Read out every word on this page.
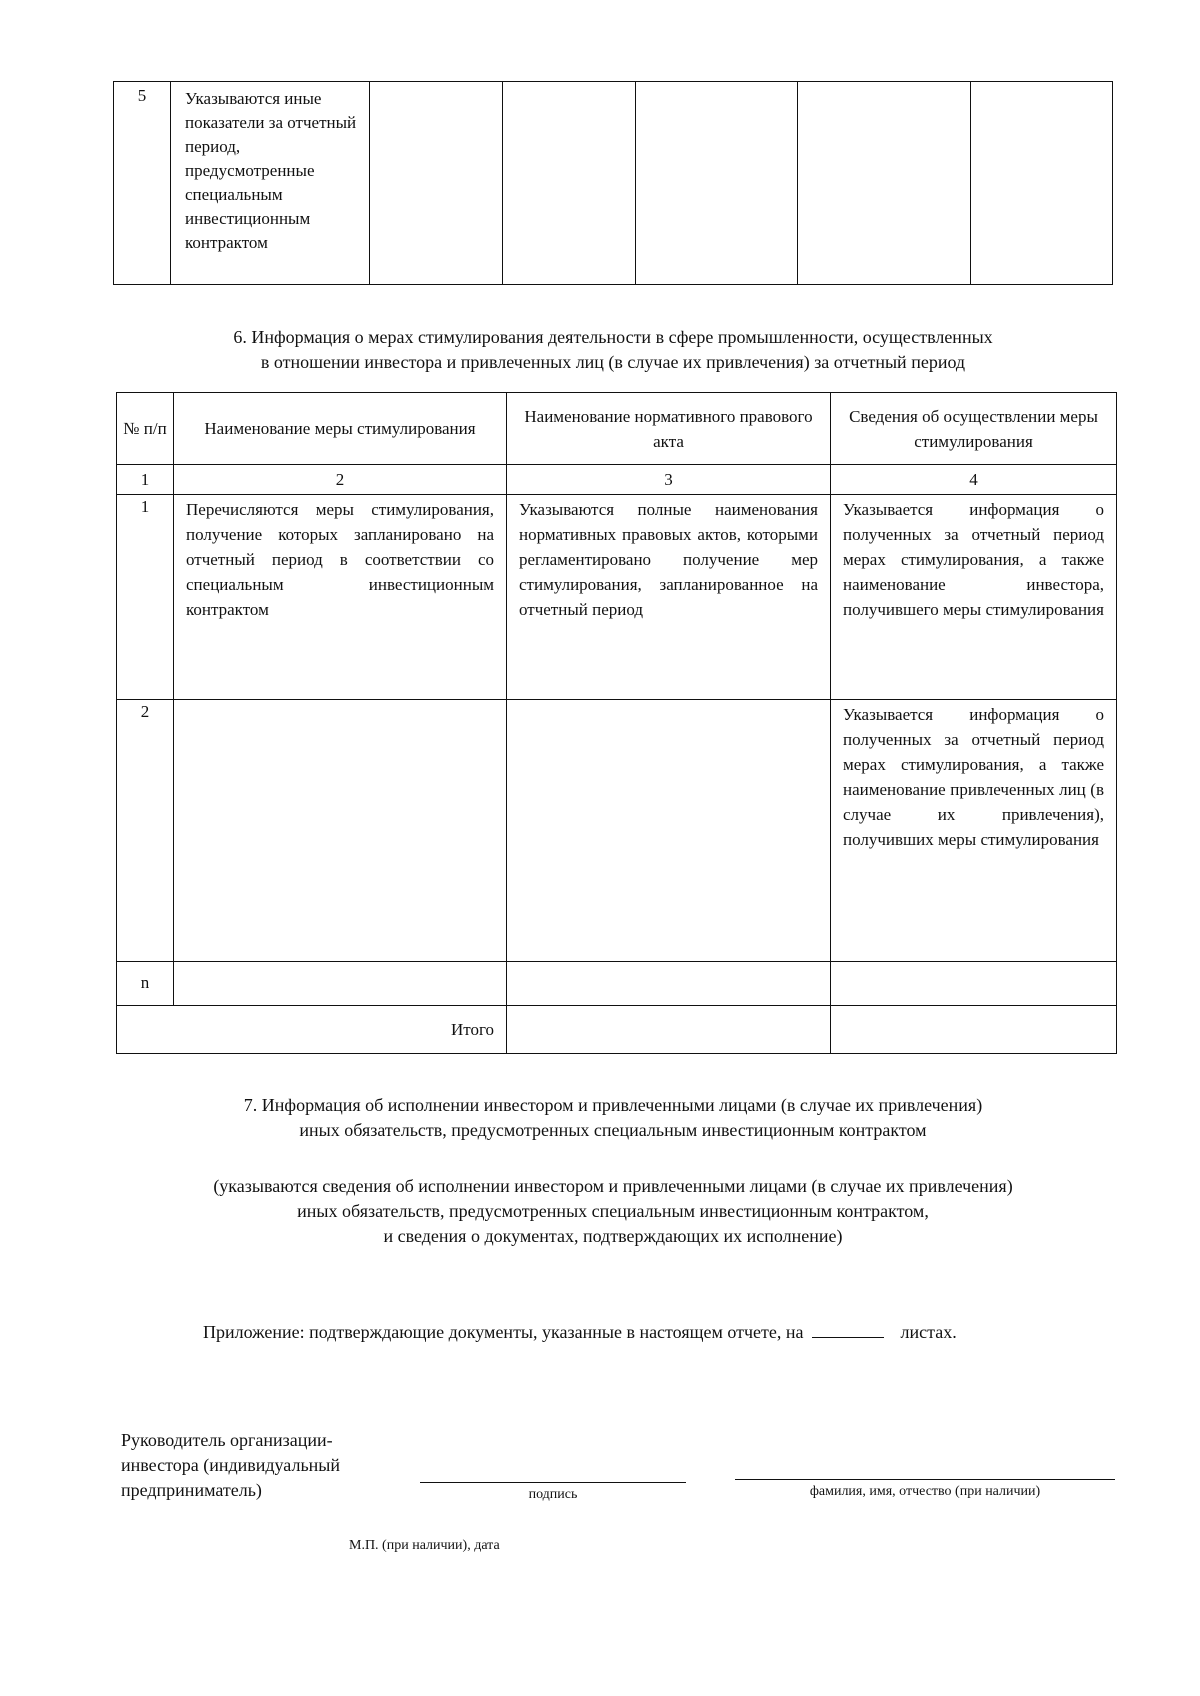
5	Указываются иные показатели за отчетный период, предусмотренные специальным инвестиционным контрактом
6. Информация о мерах стимулирования деятельности в сфере промышленности, осуществленных
в отношении инвестора и привлеченных лиц (в случае их привлечения) за отчетный период
№ п/п	Наименование меры стимулирования	Наименование нормативного правового акта	Сведения об осуществлении меры стимулирования
1	2	3	4
1	Перечисляются меры стимулирования, получение которых запланировано на отчетный период в соответствии со специальным инвестиционным контрактом	Указываются полные наименования нормативных правовых актов, которыми регламентировано получение мер стимулирования, запланированное на отчетный период	Указывается информация о полученных за отчетный период мерах стимулирования, а также наименование инвестора, получившего меры стимулирования
2			Указывается информация о полученных за отчетный период мерах стимулирования, а также наименование привлеченных лиц (в случае их привлечения), получивших меры стимулирования
n			
Итого			
7. Информация об исполнении инвестором и привлеченными лицами (в случае их привлечения)
иных обязательств, предусмотренных специальным инвестиционным контрактом
(указываются сведения об исполнении инвестором и привлеченными лицами (в случае их привлечения)
иных обязательств, предусмотренных специальным инвестиционным контрактом,
и сведения о документах, подтверждающих их исполнение)
Приложение: подтверждающие документы, указанные в настоящем отчете, на	листах.
Руководитель организации-
инвестора (индивидуальный
предприниматель)	подпись	фамилия, имя, отчество (при наличии)
М.П. (при наличии), дата
